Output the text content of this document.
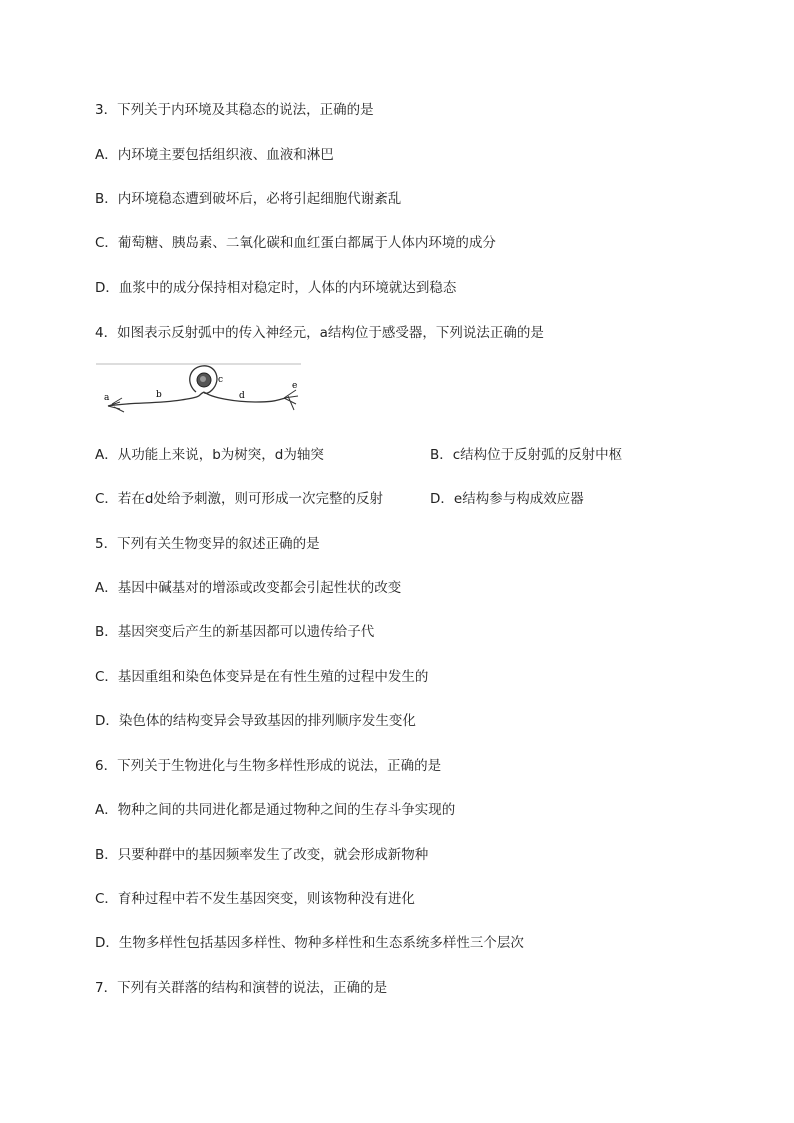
3．下列关于内环境及其稳态的说法，正确的是
A．内环境主要包括组织液、血液和淋巴
B．内环境稳态遭到破坏后，必将引起细胞代谢紊乱
C．葡萄糖、胰岛素、二氧化碳和血红蛋白都属于人体内环境的成分
D．血浆中的成分保持相对稳定时，人体的内环境就达到稳态
4．如图表示反射弧中的传入神经元，a结构位于感受器，下列说法正确的是
a	b
c
d
e
A．从功能上来说，b为树突，d为轴突	B．c结构位于反射弧的反射中枢
C．若在d处给予刺激，则可形成一次完整的反射	D．e结构参与构成效应器
5．下列有关生物变异的叙述正确的是
A．基因中碱基对的增添或改变都会引起性状的改变
B．基因突变后产生的新基因都可以遗传给子代
C．基因重组和染色体变异是在有性生殖的过程中发生的
D．染色体的结构变异会导致基因的排列顺序发生变化
6．下列关于生物进化与生物多样性形成的说法，正确的是
A．物种之间的共同进化都是通过物种之间的生存斗争实现的
B．只要种群中的基因频率发生了改变，就会形成新物种
C．育种过程中若不发生基因突变，则该物种没有进化
D．生物多样性包括基因多样性、物种多样性和生态系统多样性三个层次
7．下列有关群落的结构和演替的说法，正确的是
